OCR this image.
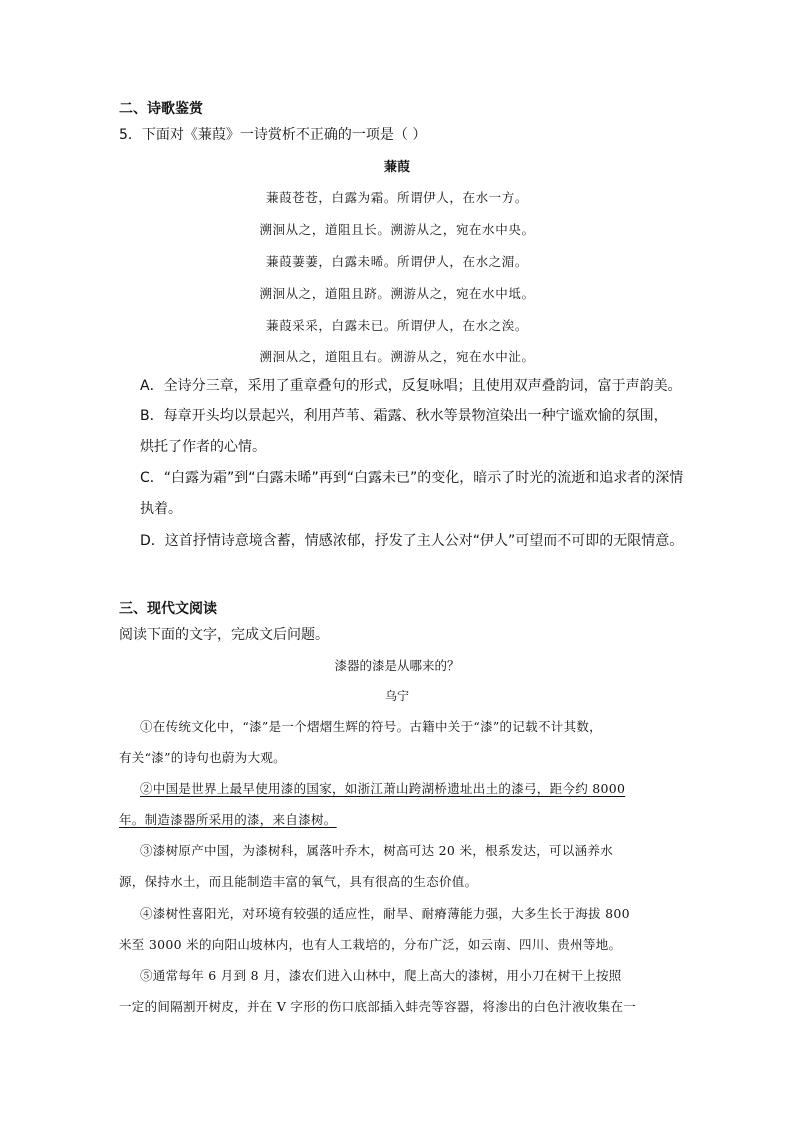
二、诗歌鉴赏
5．下面对《蒹葭》一诗赏析不正确的一项是（ ）
蒹葭
蒹葭苍苍，白露为霜。所谓伊人，在水一方。
溯洄从之，道阻且长。溯游从之，宛在水中央。
蒹葭萋萋，白露未晞。所谓伊人，在水之湄。
溯洄从之，道阻且跻。溯游从之，宛在水中坻。
蒹葭采采，白露未已。所谓伊人，在水之涘。
溯洄从之，道阻且右。溯游从之，宛在水中沚。
A．全诗分三章，采用了重章叠句的形式，反复咏唱；且使用双声叠韵词，富于声韵美。
B．每章开头均以景起兴，利用芦苇、霜露、秋水等景物渲染出一种宁谧欢愉的氛围，
烘托了作者的心情。
C．“白露为霜”到“白露未晞”再到“白露未已”的变化，暗示了时光的流逝和追求者的深情
执着。
D．这首抒情诗意境含蓄，情感浓郁，抒发了主人公对“伊人”可望而不可即的无限情意。
三、现代文阅读
阅读下面的文字，完成文后问题。
漆器的漆是从哪来的？
乌宁
①在传统文化中，“漆”是一个熠熠生辉的符号。古籍中关于“漆”的记载不计其数，
有关“漆”的诗句也蔚为大观。
②中国是世界上最早使用漆的国家，如浙江萧山跨湖桥遗址出土的漆弓，距今约 8000
年。制造漆器所采用的漆，来自漆树。
③漆树原产中国，为漆树科，属落叶乔木，树高可达 20 米，根系发达，可以涵养水
源，保持水土，而且能制造丰富的氧气，具有很高的生态价值。
④漆树性喜阳光，对环境有较强的适应性，耐旱、耐瘠薄能力强，大多生长于海拔 800
米至 3000 米的向阳山坡林内，也有人工栽培的，分布广泛，如云南、四川、贵州等地。
⑤通常每年 6 月到 8 月，漆农们进入山林中，爬上高大的漆树，用小刀在树干上按照
一定的间隔割开树皮，并在 V 字形的伤口底部插入蚌壳等容器，将渗出的白色汁液收集在一
